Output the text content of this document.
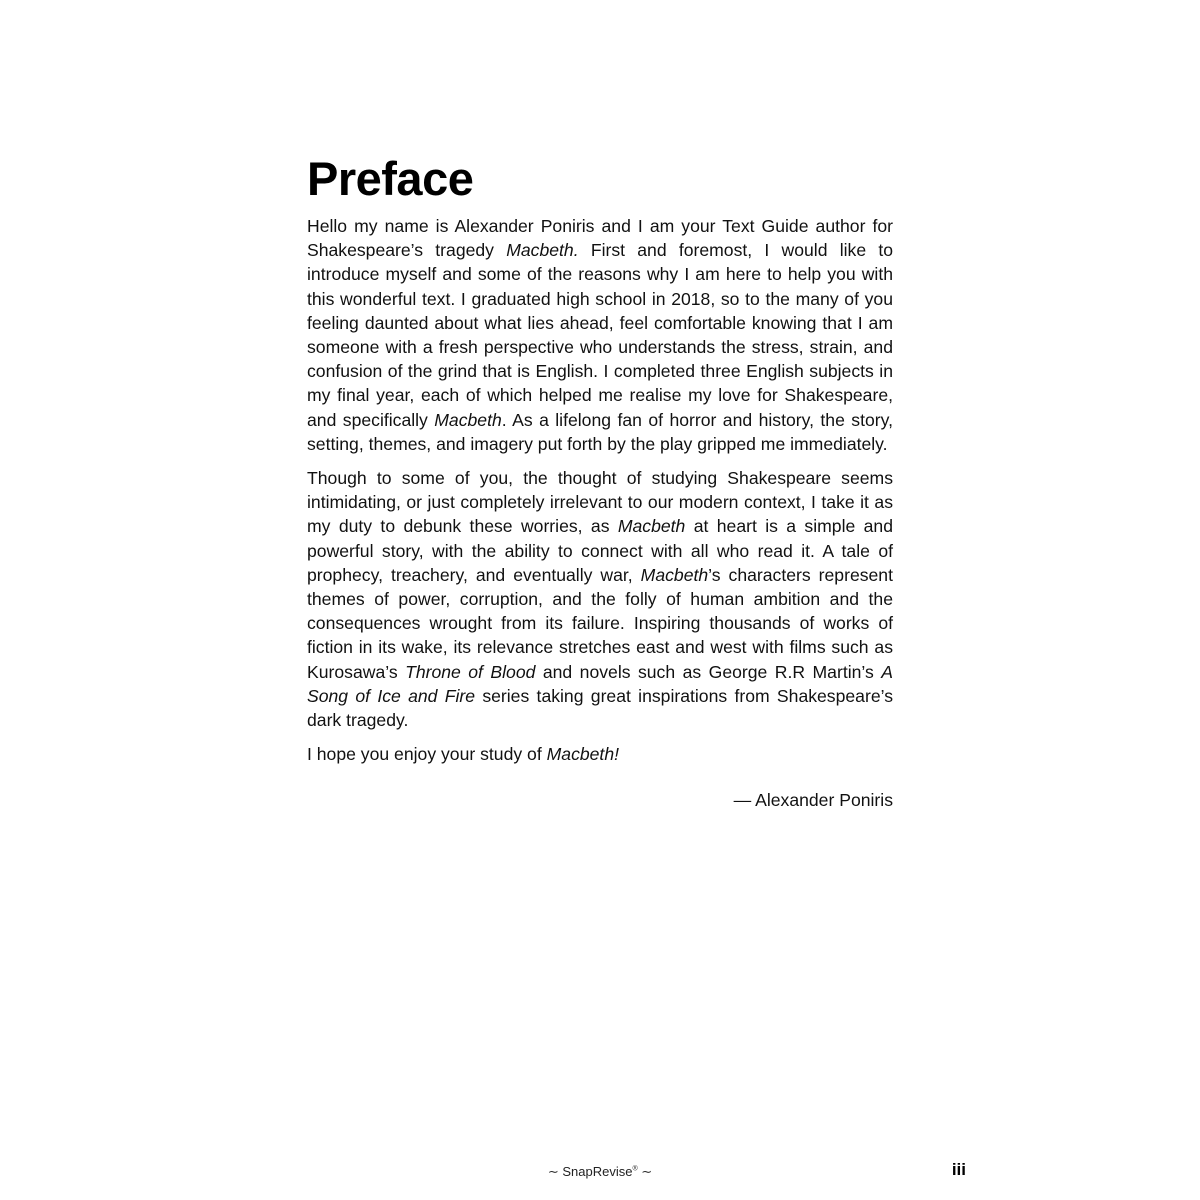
Preface

Hello my name is Alexander Poniris and I am your Text Guide author for Shakespeare’s tragedy Macbeth. First and foremost, I would like to introduce myself and some of the reasons why I am here to help you with this wonderful text. I graduated high school in 2018, so to the many of you feeling daunted about what lies ahead, feel comfortable knowing that I am someone with a fresh perspective who understands the stress, strain, and confusion of the grind that is English. I completed three English subjects in my final year, each of which helped me realise my love for Shakespeare, and specifically Macbeth. As a lifelong fan of horror and history, the story, setting, themes, and imagery put forth by the play gripped me immediately.

Though to some of you, the thought of studying Shakespeare seems intimidating, or just completely irrelevant to our modern context, I take it as my duty to debunk these worries, as Macbeth at heart is a simple and powerful story, with the ability to connect with all who read it. A tale of prophecy, treachery, and eventually war, Macbeth’s characters represent themes of power, corruption, and the folly of human ambition and the consequences wrought from its failure. Inspiring thousands of works of fiction in its wake, its relevance stretches east and west with films such as Kurosawa’s Throne of Blood and novels such as George R.R Martin’s A Song of Ice and Fire series taking great inspirations from Shakespeare’s dark tragedy.

I hope you enjoy your study of Macbeth!

— Alexander Poniris
∼ SnapRevise® ∼	iii
